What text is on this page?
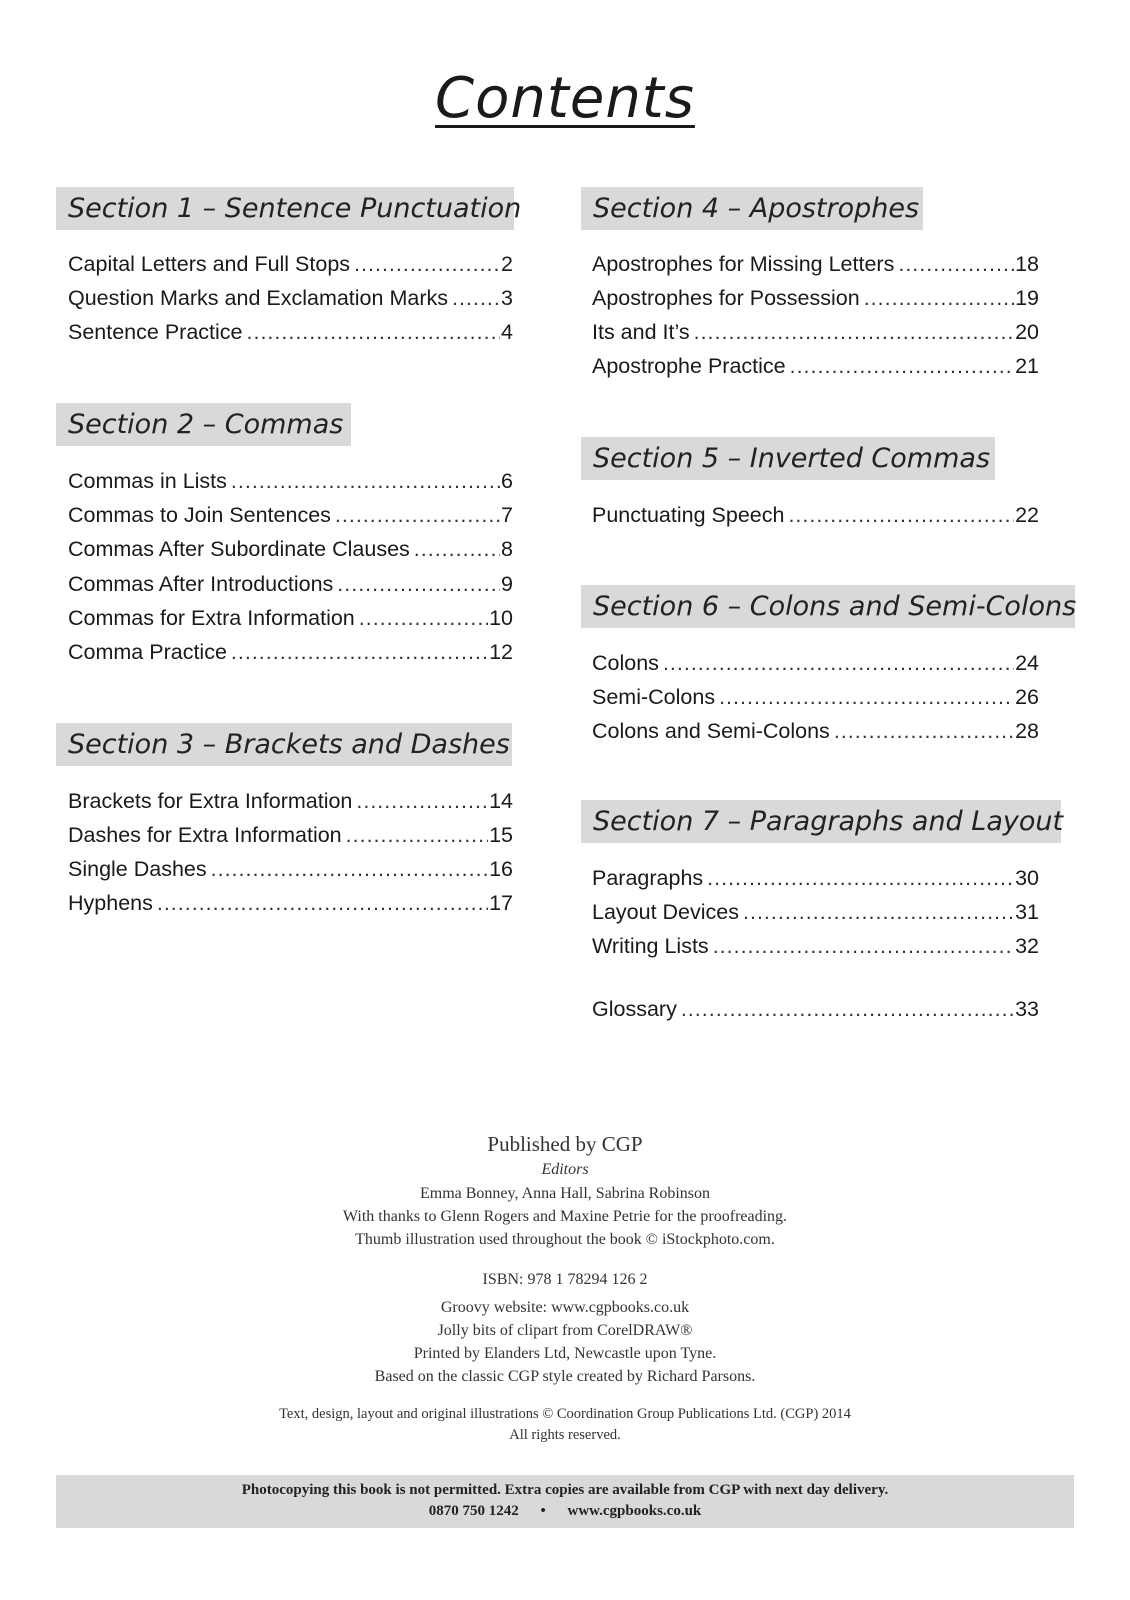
Contents
Section 1 – Sentence Punctuation
Capital Letters and Full Stops .....	2
Question Marks and Exclamation Marks ..... 3
Sentence Practice .....	4
Section 2 – Commas
Commas in Lists .....	6
Commas to Join Sentences .....	7
Commas After Subordinate Clauses .....	8
Commas After Introductions .....	9
Commas for Extra Information .....	10
Comma Practice .....	12
Section 3 – Brackets and Dashes
Brackets for Extra Information .....	14
Dashes for Extra Information .....	15
Single Dashes .....	16
Hyphens .....	17
Section 4 – Apostrophes
Apostrophes for Missing Letters .....	18
Apostrophes for Possession .....	19
Its and It’s .....	20
Apostrophe Practice .....	21
Section 5 – Inverted Commas
Punctuating Speech .....	22
Section 6 – Colons and Semi-Colons
Colons .....	24
Semi-Colons .....	26
Colons and Semi-Colons .....	28
Section 7 – Paragraphs and Layout
Paragraphs .....	30
Layout Devices .....	31
Writing Lists .....	32
Glossary .....	33
Published by CGP
Editors
Emma Bonney, Anna Hall, Sabrina Robinson
With thanks to Glenn Rogers and Maxine Petrie for the proofreading.
Thumb illustration used throughout the book © iStockphoto.com.
ISBN: 978 1 78294 126 2
Groovy website: www.cgpbooks.co.uk
Jolly bits of clipart from CorelDRAW®
Printed by Elanders Ltd, Newcastle upon Tyne.
Based on the classic CGP style created by Richard Parsons.
Text, design, layout and original illustrations © Coordination Group Publications Ltd. (CGP) 2014
All rights reserved.
Photocopying this book is not permitted. Extra copies are available from CGP with next day delivery.
0870 750 1242 • www.cgpbooks.co.uk
